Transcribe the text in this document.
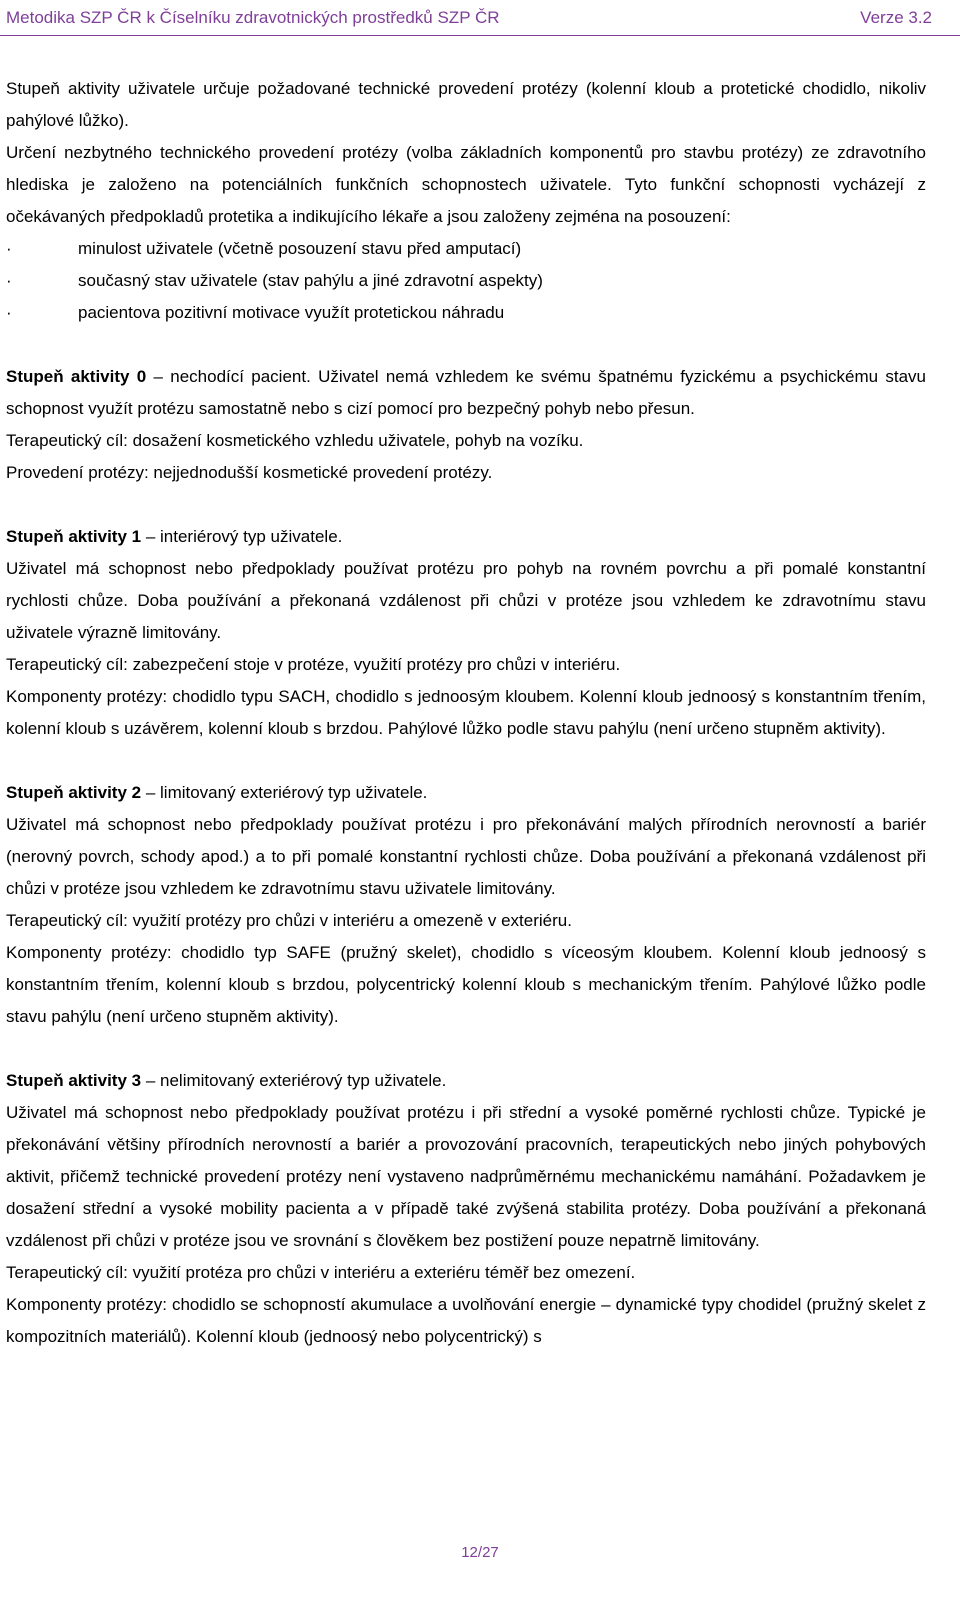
Metodika SZP ČR k Číselníku zdravotnických prostředků SZP ČR	Verze 3.2

Stupeň aktivity uživatele určuje požadované technické provedení protézy (kolenní kloub a protetické chodidlo, nikoliv pahýlové lůžko).

Určení nezbytného technického provedení protézy (volba základních komponentů pro stavbu protézy) ze zdravotního hlediska je založeno na potenciálních funkčních schopnostech uživatele. Tyto funkční schopnosti vycházejí z očekávaných předpokladů protetika a indikujícího lékaře a jsou založeny zejména na posouzení:

·	minulost uživatele (včetně posouzení stavu před amputací)
·	současný stav uživatele (stav pahýlu a jiné zdravotní aspekty)
·	pacientova pozitivní motivace využít protetickou náhradu

Stupeň aktivity 0 – nechodící pacient. Uživatel nemá vzhledem ke svému špatnému fyzickému a psychickému stavu schopnost využít protézu samostatně nebo s cizí pomocí pro bezpečný pohyb nebo přesun.

Terapeutický cíl: dosažení kosmetického vzhledu uživatele, pohyb na vozíku.

Provedení protézy: nejjednodušší kosmetické provedení protézy.

Stupeň aktivity 1 – interiérový typ uživatele.

Uživatel má schopnost nebo předpoklady používat protézu pro pohyb na rovném povrchu a při pomalé konstantní rychlosti chůze. Doba používání a překonaná vzdálenost při chůzi v protéze jsou vzhledem ke zdravotnímu stavu uživatele výrazně limitovány.

Terapeutický cíl: zabezpečení stoje v protéze, využití protézy pro chůzi v interiéru.

Komponenty protézy: chodidlo typu SACH, chodidlo s jednoosým kloubem. Kolenní kloub jednoosý s konstantním třením, kolenní kloub s uzávěrem, kolenní kloub s brzdou. Pahýlové lůžko podle stavu pahýlu (není určeno stupněm aktivity).

Stupeň aktivity 2 – limitovaný exteriérový typ uživatele.

Uživatel má schopnost nebo předpoklady používat protézu i pro překonávání malých přírodních nerovností a bariér (nerovný povrch, schody apod.) a to při pomalé konstantní rychlosti chůze. Doba používání a překonaná vzdálenost při chůzi v protéze jsou vzhledem ke zdravotnímu stavu uživatele limitovány.

Terapeutický cíl: využití protézy pro chůzi v interiéru a omezeně v exteriéru.

Komponenty protézy: chodidlo typ SAFE (pružný skelet), chodidlo s víceosým kloubem. Kolenní kloub jednoosý s konstantním třením, kolenní kloub s brzdou, polycentrický kolenní kloub s mechanickým třením. Pahýlové lůžko podle stavu pahýlu (není určeno stupněm aktivity).

Stupeň aktivity 3 – nelimitovaný exteriérový typ uživatele.

Uživatel má schopnost nebo předpoklady používat protézu i při střední a vysoké poměrné rychlosti chůze. Typické je překonávání většiny přírodních nerovností a bariér a provozování pracovních, terapeutických nebo jiných pohybových aktivit, přičemž technické provedení protézy není vystaveno nadprůměrnému mechanickému namáhání. Požadavkem je dosažení střední a vysoké mobility pacienta a v případě také zvýšená stabilita protézy. Doba používání a překonaná vzdálenost při chůzi v protéze jsou ve srovnání s člověkem bez postižení pouze nepatrně limitovány.

Terapeutický cíl: využití protéza pro chůzi v interiéru a exteriéru téměř bez omezení.

Komponenty protézy: chodidlo se schopností akumulace a uvolňování energie – dynamické typy chodidel (pružný skelet z kompozitních materiálů). Kolenní kloub (jednoosý nebo polycentrický) s

12/27
